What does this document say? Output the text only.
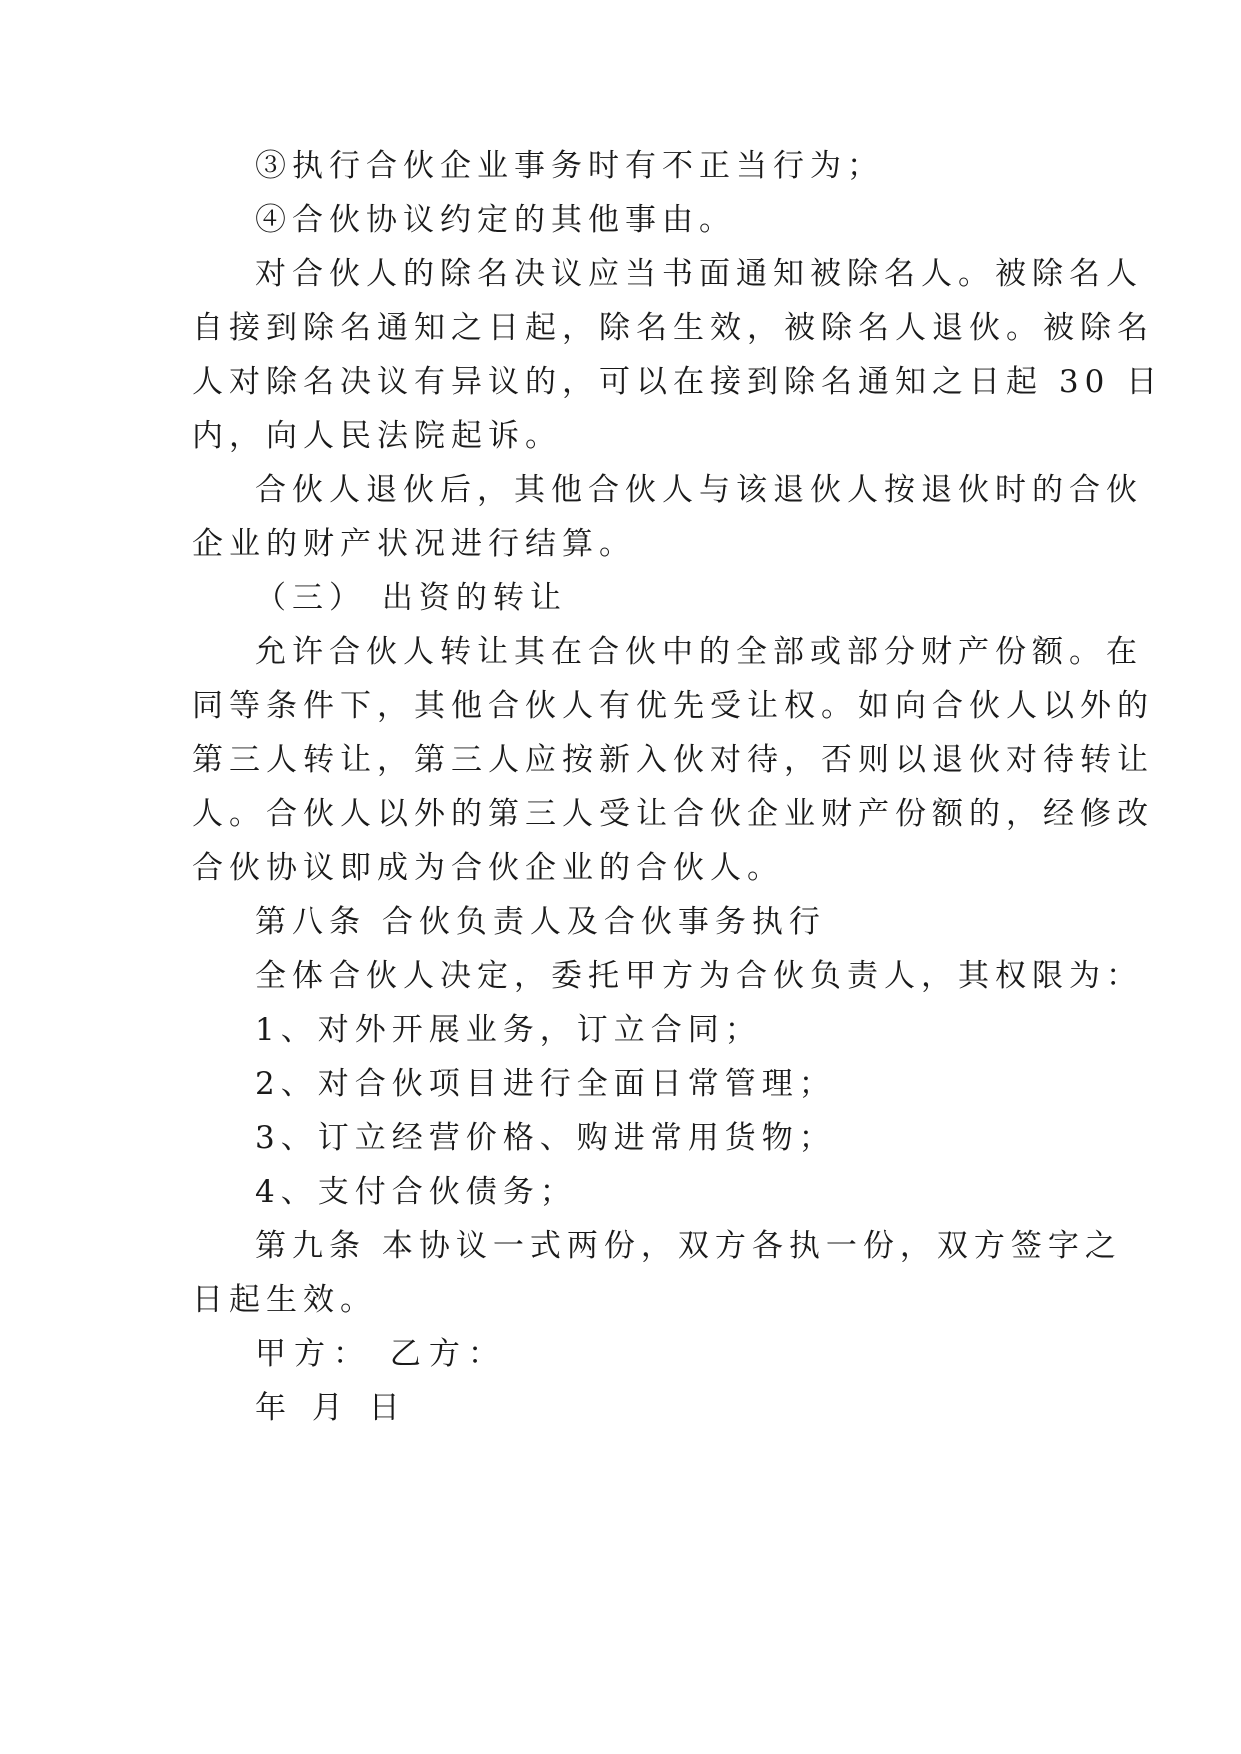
③执行合伙企业事务时有不正当行为；
④合伙协议约定的其他事由。
对合伙人的除名决议应当书面通知被除名人。被除名人
自接到除名通知之日起，除名生效，被除名人退伙。被除名
人对除名决议有异议的，可以在接到除名通知之日起 30 日
内，向人民法院起诉。
合伙人退伙后，其他合伙人与该退伙人按退伙时的合伙
企业的财产状况进行结算。
（三） 出资的转让
允许合伙人转让其在合伙中的全部或部分财产份额。在
同等条件下，其他合伙人有优先受让权。如向合伙人以外的
第三人转让，第三人应按新入伙对待，否则以退伙对待转让
人。合伙人以外的第三人受让合伙企业财产份额的，经修改
合伙协议即成为合伙企业的合伙人。
第八条 合伙负责人及合伙事务执行
全体合伙人决定，委托甲方为合伙负责人，其权限为：
1、对外开展业务，订立合同；
2、对合伙项目进行全面日常管理；
3、订立经营价格、购进常用货物；
4、支付合伙债务；
第九条 本协议一式两份，双方各执一份，双方签字之
日起生效。
甲方： 乙方：
年 月 日
